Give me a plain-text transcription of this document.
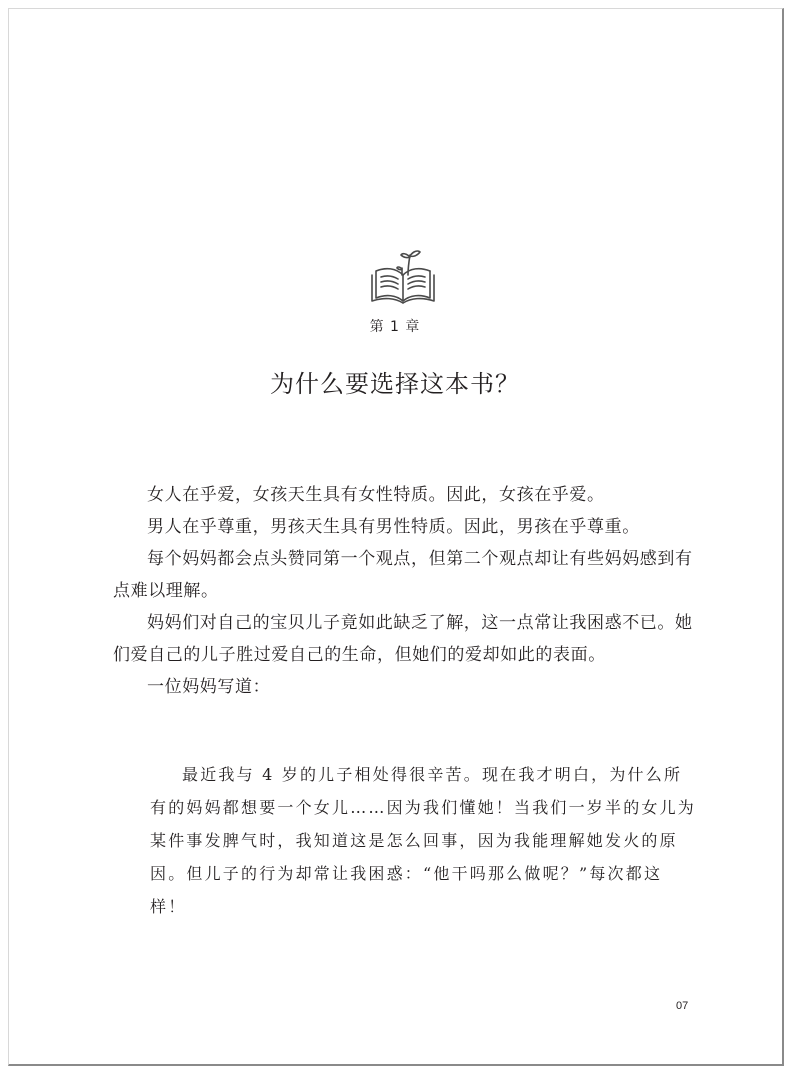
第 1 章
为什么要选择这本书？

女人在乎爱，女孩天生具有女性特质。因此，女孩在乎爱。

男人在乎尊重，男孩天生具有男性特质。因此，男孩在乎尊重。

每个妈妈都会点头赞同第一个观点，但第二个观点却让有些妈妈感到有点难以理解。

妈妈们对自己的宝贝儿子竟如此缺乏了解，这一点常让我困惑不已。她们爱自己的儿子胜过爱自己的生命，但她们的爱却如此的表面。

一位妈妈写道：

最近我与 4 岁的儿子相处得很辛苦。现在我才明白，为什么所有的妈妈都想要一个女儿……因为我们懂她！当我们一岁半的女儿为某件事发脾气时，我知道这是怎么回事，因为我能理解她发火的原因。但儿子的行为却常让我困惑：“他干吗那么做呢？”每次都这样！

07
